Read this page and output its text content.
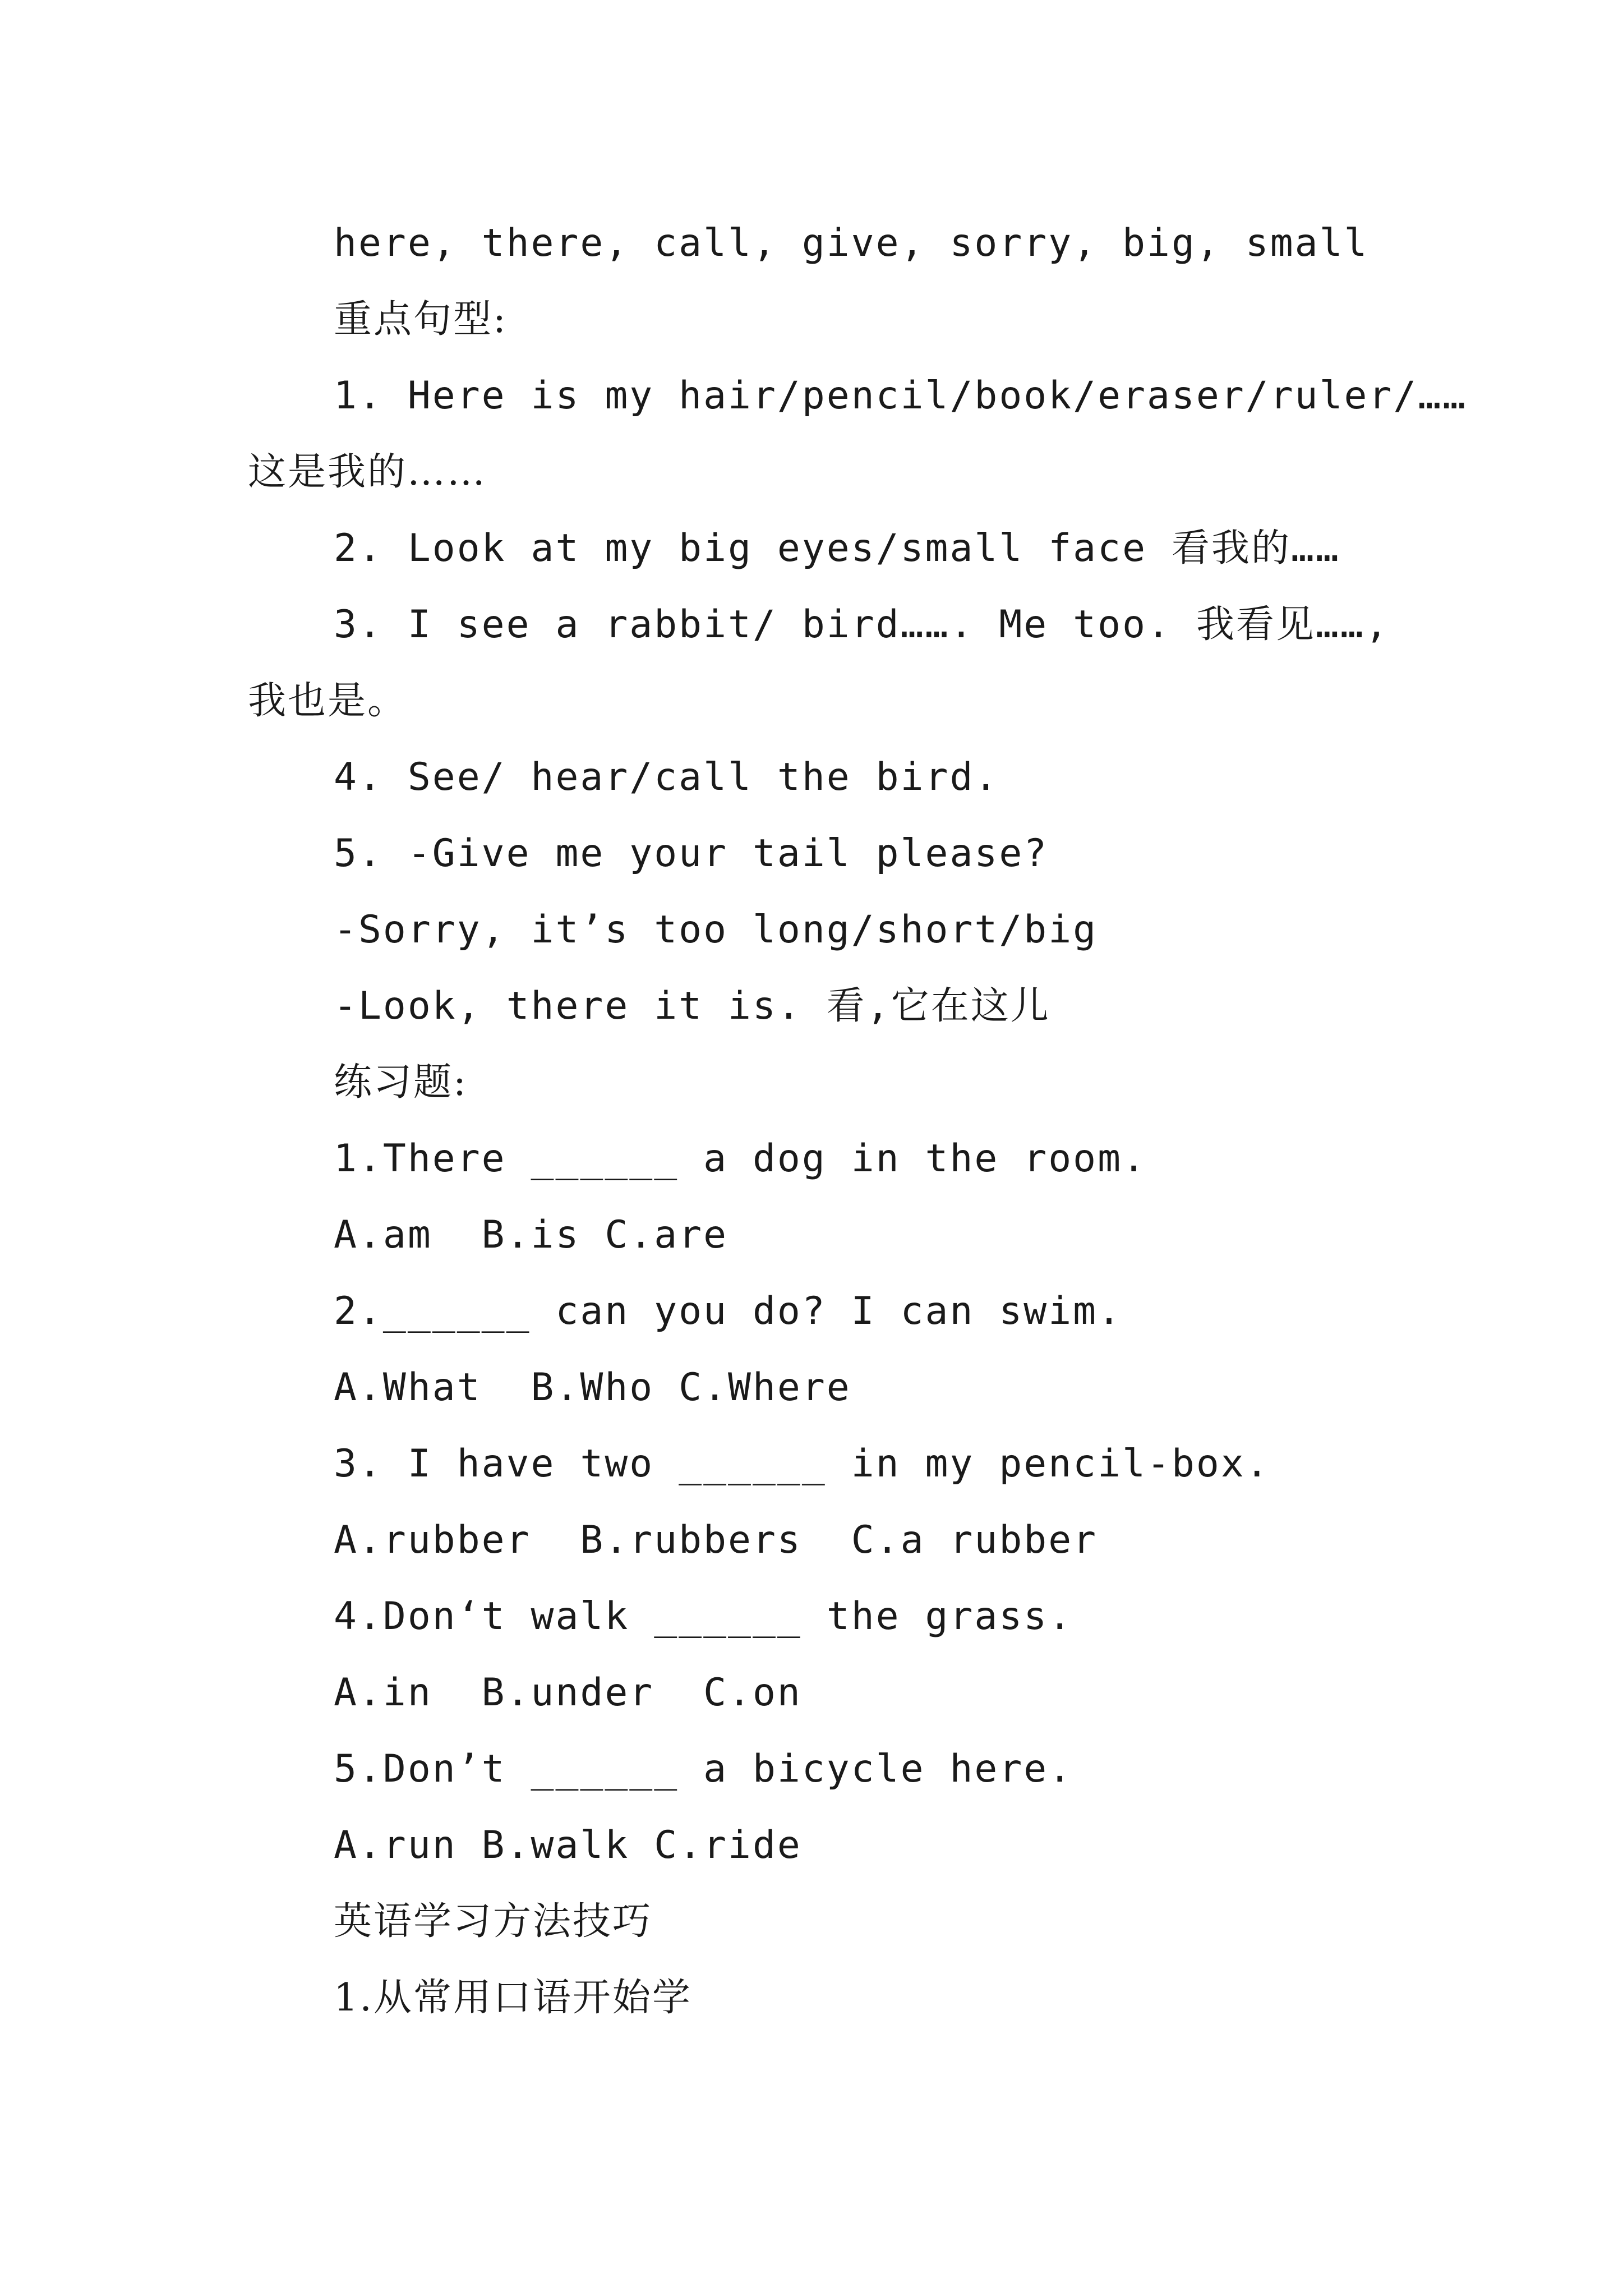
here, there, call, give, sorry, big, small
重点句型:
1. Here is my hair/pencil/book/eraser/ruler/……
这是我的……
2. Look at my big eyes/small face 看我的……
3. I see a rabbit/ bird……. Me too. 我看见……,
我也是。
4. See/ hear/call the bird.
5. -Give me your tail please?
-Sorry, it’s too long/short/big
-Look, there it is. 看,它在这儿
练习题:
1.There ______ a dog in the room.
A.am  B.is C.are
2.______ can you do? I can swim.
A.What  B.Who C.Where
3. I have two ______ in my pencil-box.
A.rubber  B.rubbers  C.a rubber
4.Don‘t walk ______ the grass.
A.in  B.under  C.on
5.Don’t ______ a bicycle here.
A.run B.walk C.ride
英语学习方法技巧
1.从常用口语开始学
